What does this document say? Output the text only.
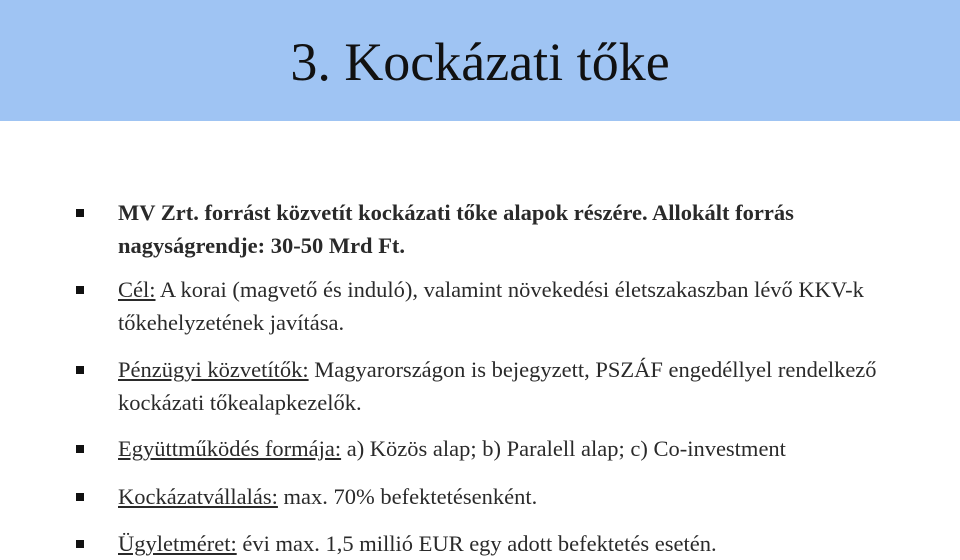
3. Kockázati tőke
MV Zrt. forrást közvetít kockázati tőke alapok részére. Allokált forrás nagyságrendje: 30-50 Mrd Ft.
Cél: A korai (magvető és induló), valamint növekedési életszakaszban lévő KKV-k tőkehelyzetének javítása.
Pénzügyi közvetítők: Magyarországon is bejegyzett, PSZÁF engedéllyel rendelkező kockázati tőkealapkezelők.
Együttműködés formája: a) Közös alap; b) Paralell alap; c) Co-investment
Kockázatvállalás: max. 70% befektetésenként.
Ügyletméret: évi max. 1,5 millió EUR egy adott befektetés esetén.
